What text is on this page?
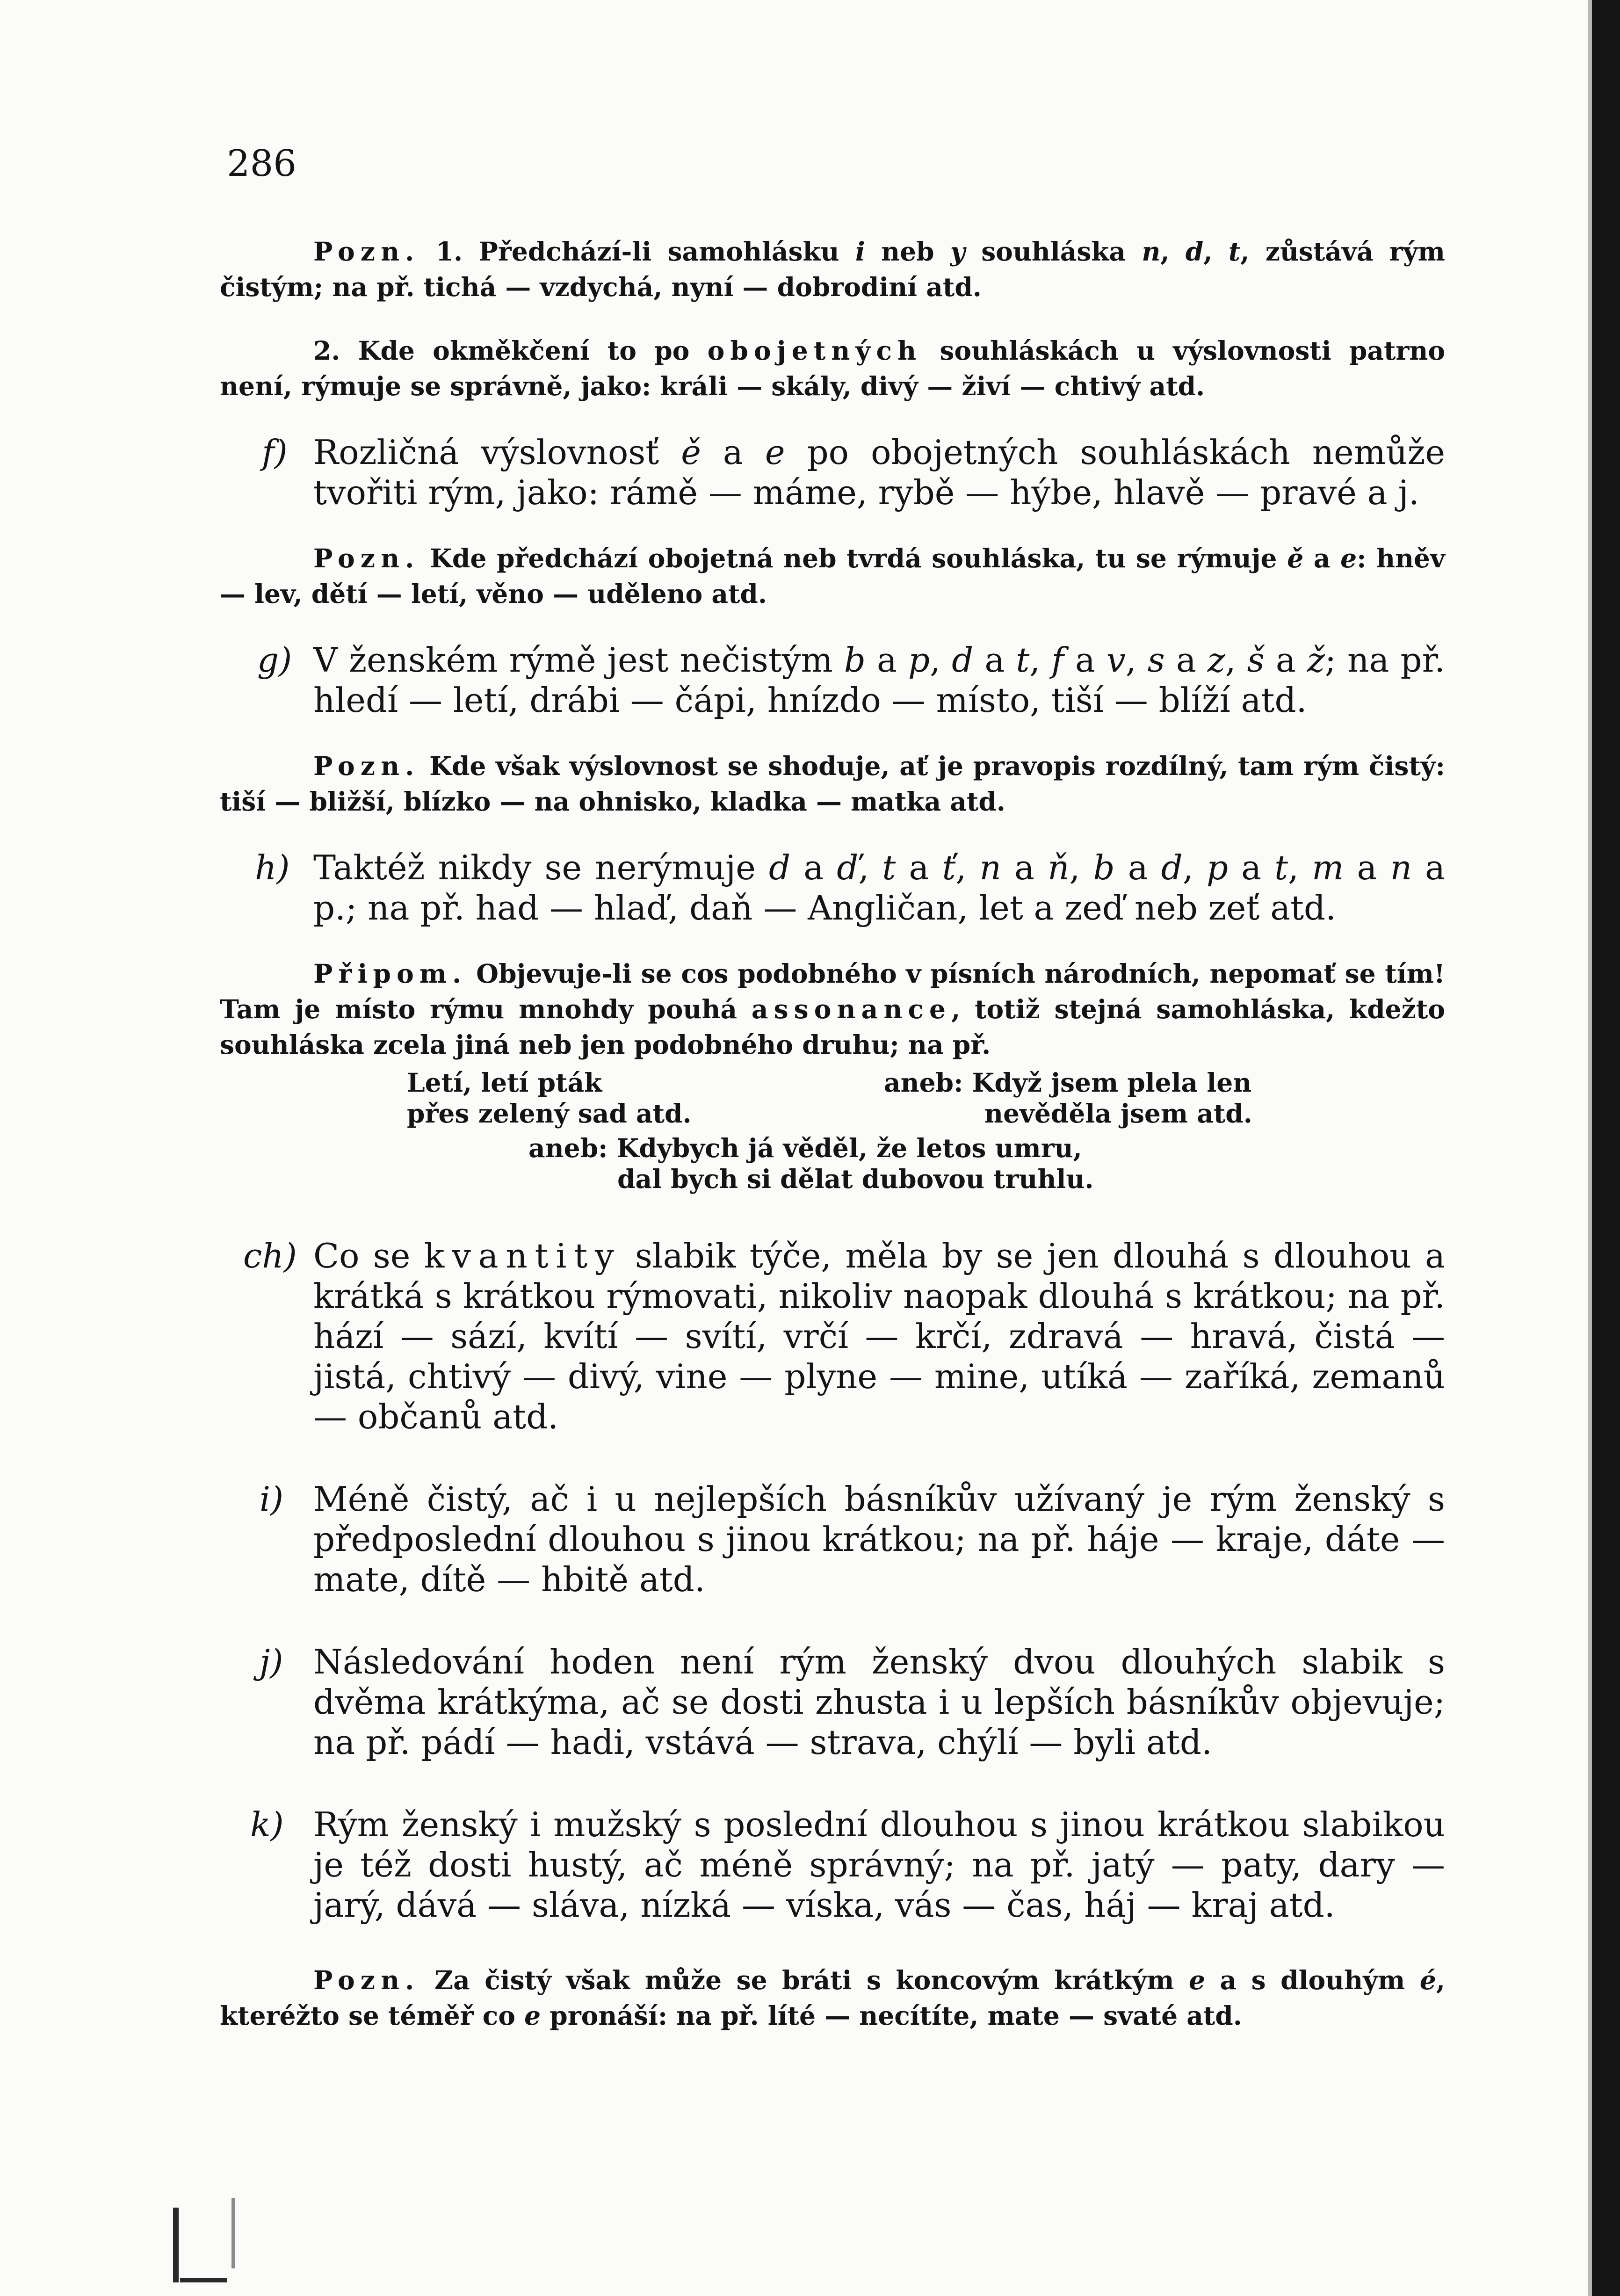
286

Pozn. 1. Předchází-li samohlásku i neb y souhláska n, d, t, zůstává rým čistým; na př. tichá — vzdychá, nyní — dobrodiní atd.

2. Kde okměkčení to po obojetných souhláskách u výslovnosti patrno není, rýmuje se správně, jako: králi — skály, divý — živí — chtivý atd.

f) Rozličná výslovnosť ě a e po obojetných souhláskách nemůže tvořiti rým, jako: rámě — máme, rybě — hýbe, hlavě — pravé a j.

Pozn. Kde předchází obojetná neb tvrdá souhláska, tu se rýmuje ě a e: hněv — lev, dětí — letí, věno — uděleno atd.

g) V ženském rýmě jest nečistým b a p, d a t, f a v, s a z, š a ž; na př. hledí — letí, drábi — čápi, hnízdo — místo, tiší — blíží atd.

Pozn. Kde však výslovnost se shoduje, ať je pravopis rozdílný, tam rým čistý: tiší — bližší, blízko — na ohnisko, kladka — matka atd.

h) Taktéž nikdy se nerýmuje d a ď, t a ť, n a ň, b a d, p a t, m a n a p.; na př. had — hlaď, daň — Angličan, let a zeď neb zeť atd.

Připom. Objevuje-li se cos podobného v písních národních, nepomať se tím! Tam je místo rýmu mnohdy pouhá assonance, totiž stejná samohláska, kdežto souhláska zcela jiná neb jen podobného druhu; na př.

Letí, letí pták
přes zelený sad atd.
aneb: Když jsem plela len
nevěděla jsem atd.
aneb: Kdybych já věděl, že letos umru,
dal bych si dělat dubovou truhlu.
ch) Co se kvantity slabik týče, měla by se jen dlouhá s dlouhou a krátká s krátkou rýmovati, nikoliv naopak dlouhá s krátkou; na př. hází — sází, kvítí — svítí, vrčí — krčí, zdravá — hravá, čistá — jistá, chtivý — divý, vine — plyne — mine, utíká — zaříká, zemanů — občanů atd.
i) Méně čistý, ač i u nejlepších básníkův užívaný je rým ženský s předposlední dlouhou s jinou krátkou; na př. háje — kraje, dáte — mate, dítě — hbitě atd.
j) Následování hoden není rým ženský dvou dlouhých slabik s dvěma krátkýma, ač se dosti zhusta i u lepších básníkův objevuje; na př. pádí — hadi, vstává — strava, chýlí — byli atd.
k) Rým ženský i mužský s poslední dlouhou s jinou krátkou slabikou je též dosti hustý, ač méně správný; na př. jatý — paty, dary — jarý, dává — sláva, nízká — víska, vás — čas, háj — kraj atd.

Pozn. Za čistý však může se bráti s koncovým krátkým e a s dlouhým é, kteréžto se téměř co e pronáší: na př. líté — necítíte, mate — svaté atd.
